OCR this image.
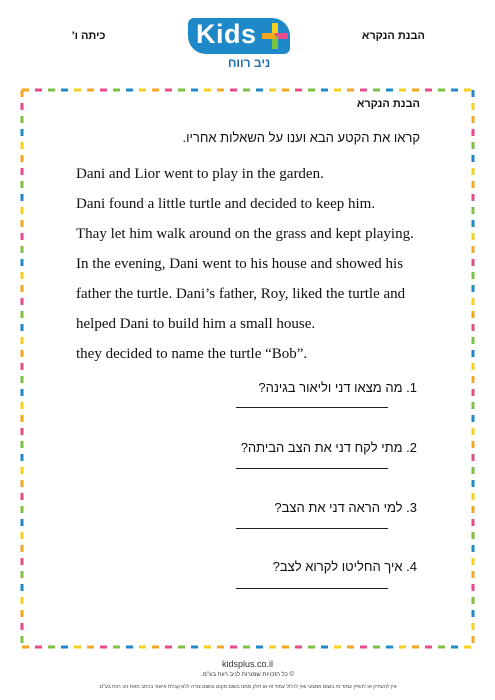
כיתה ו'	הבנת הנקרא
Kids
ניב רווח
הבנת הנקרא
קראו את הקטע הבא וענו על השאלות אחריו.
Dani and Lior went to play in the garden.
Dani found a little turtle and decided to keep him.
Thay let him walk around on the grass and kept playing.
In the evening, Dani went to his house and showed his
father the turtle. Dani’s father, Roy, liked the turtle and
helped Dani to build him a small house.
they decided to name the turtle “Bob”.
1. מה מצאו דני וליאור בגינה?
2. מתי לקח דני את הצב הביתה?
3. למי הראה דני את הצב?
4. איך החליטו לקרוא לצב?
kidsplus.co.il
© כל הזכויות שמורות לניב רווח בע"מ.
אין להעתיק או להפיץ עמוד זה בשום אמצעי ואין לכלול עמוד זה או חלק ממנו בשום מקום ובשום צורה ללא קבלת אישור בכתב מאת ניב רווח בע"מ.
